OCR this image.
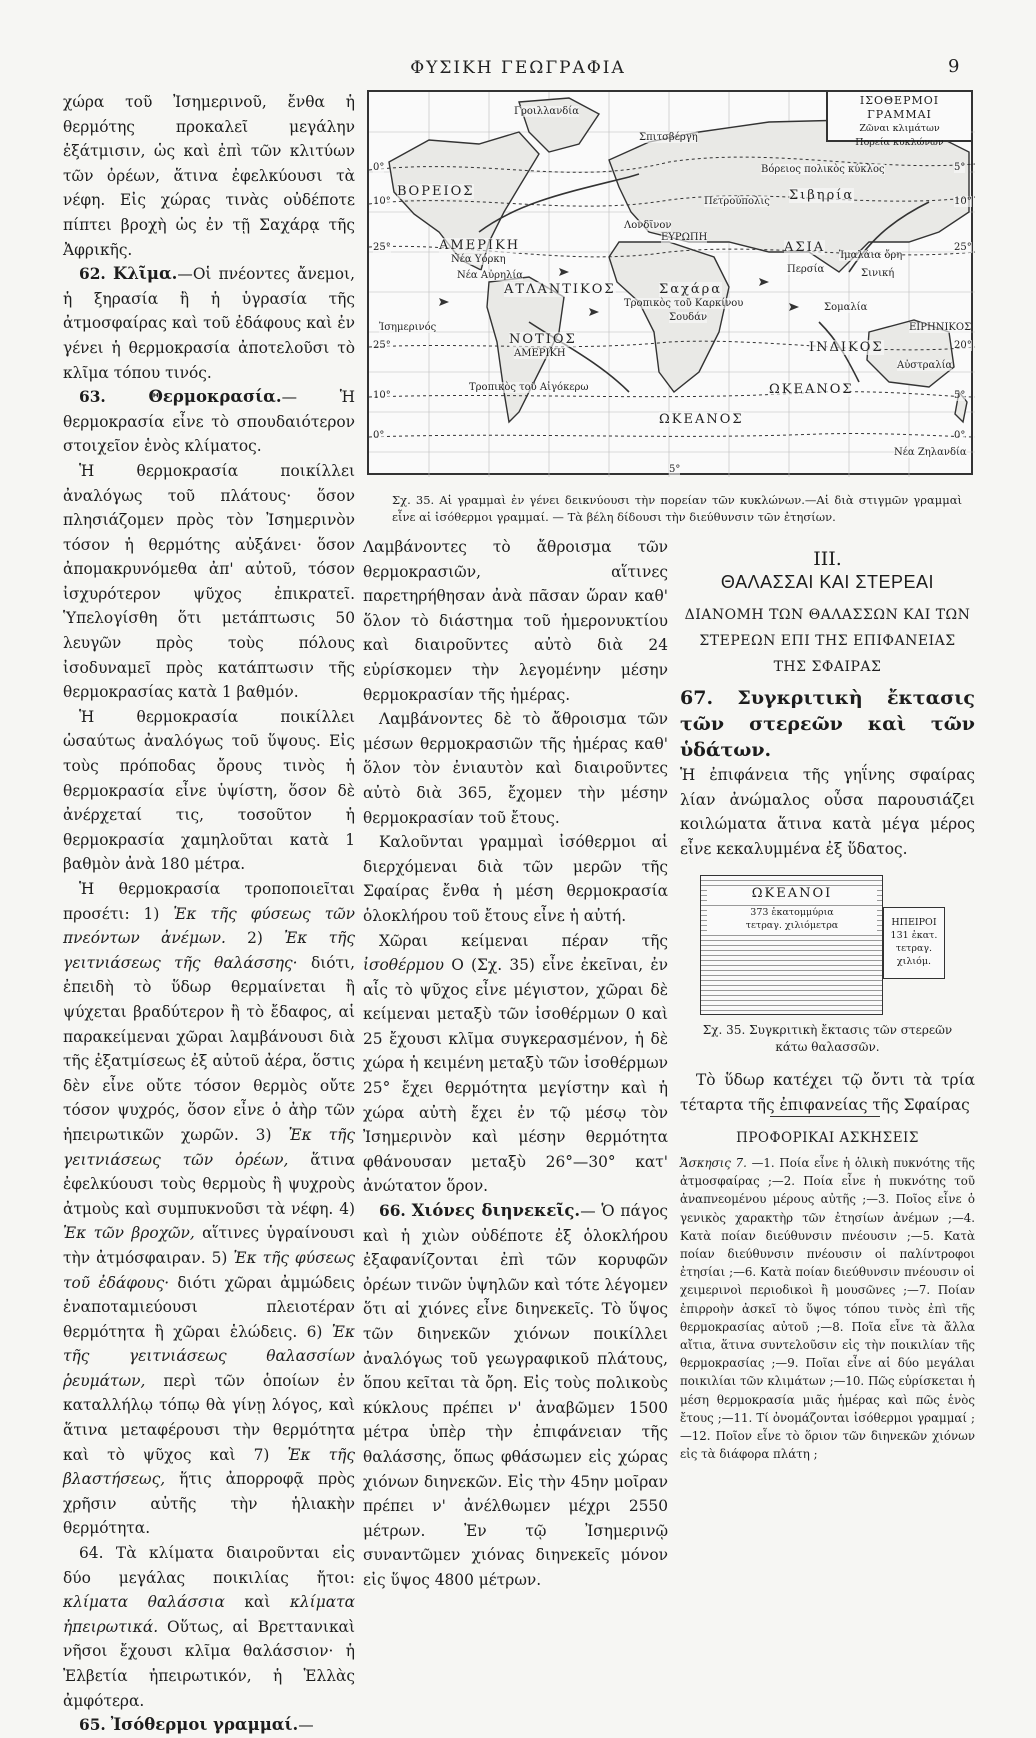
ΦΥΣΙΚΗ ΓΕΩΓΡΑΦΙΑ	9

χώρα τοῦ Ἰσημερινοῦ, ἔνθα ἡ θερμότης προκαλεῖ μεγάλην ἐξάτμισιν, ὡς καὶ ἐπὶ τῶν κλιτύων τῶν ὀρέων, ἅτινα ἐφελκύουσι τὰ νέφη. Εἰς χώρας τινὰς οὐδέποτε πίπτει βροχὴ ὡς ἐν τῇ Σαχάρᾳ τῆς Ἀφρικῆς.

62. Κλῖμα.—Οἱ πνέοντες ἄνεμοι, ἡ ξηρασία ἢ ἡ ὑγρασία τῆς ἀτμοσφαίρας καὶ τοῦ ἐδάφους καὶ ἐν γένει ἡ θερμοκρασία ἀποτελοῦσι τὸ κλῖμα τόπου τινός.

63.	Θερμοκρασία.— Ἡ θερμοκρασία εἶνε τὸ σπουδαιότερον στοιχεῖον ἑνὸς κλίματος.

Ἡ θερμοκρασία ποικίλλει ἀναλόγως τοῦ πλάτους· ὅσον πλησιάζομεν πρὸς τὸν Ἰσημερινὸν τόσον ἡ θερμότης αὐξάνει· ὅσον ἀπομακρυνόμεθα ἀπ' αὐτοῦ, τόσον ἰσχυρότερον ψῦχος ἐπικρατεῖ. Ὑπελογίσθη ὅτι μετάπτωσις 50 λευγῶν πρὸς τοὺς πόλους ἰσοδυναμεῖ πρὸς κατάπτωσιν τῆς θερμοκρασίας κατὰ 1 βαθμόν.

Ἡ θερμοκρασία ποικίλλει ὡσαύτως ἀναλόγως τοῦ ὕψους. Εἰς τοὺς πρόποδας ὄρους τινὸς ἡ θερμοκρασία εἶνε ὑψίστη, ὅσον δὲ ἀνέρχεταί τις, τοσοῦτον ἡ θερμοκρασία χαμηλοῦται κατὰ 1 βαθμὸν ἀνὰ 180 μέτρα.

Ἡ θερμοκρασία τροποποιεῖται προσέτι: 1) Ἐκ τῆς φύσεως τῶν πνεόντων ἀνέμων. 2) Ἐκ τῆς γειτνιάσεως τῆς θαλάσσης· διότι, ἐπειδὴ τὸ ὕδωρ θερμαίνεται ἢ ψύχεται βραδύτερον ἢ τὸ ἔδαφος, αἱ παρακείμεναι χῶραι λαμβάνουσι διὰ τῆς ἐξατμίσεως ἐξ αὐτοῦ ἀέρα, ὅστις δὲν εἶνε οὔτε τόσον θερμὸς οὔτε τόσον ψυχρός, ὅσον εἶνε ὁ ἀὴρ τῶν ἠπειρωτικῶν χωρῶν. 3) Ἐκ τῆς γειτνιάσεως τῶν ὀρέων, ἅτινα ἐφελκύουσι τοὺς θερμοὺς ἢ ψυχροὺς ἀτμοὺς καὶ συμπυκνοῦσι τὰ νέφη. 4) Ἐκ τῶν βροχῶν, αἵτινες ὑγραίνουσι τὴν ἀτμόσφαιραν. 5) Ἐκ τῆς φύσεως τοῦ ἐδάφους· διότι χῶραι ἀμμώδεις ἐναποταμιεύουσι πλειοτέραν θερμότητα ἢ χῶραι ἑλώδεις. 6) Ἐκ τῆς γειτνιάσεως θαλασσίων ῥευμάτων, περὶ τῶν ὁποίων ἐν καταλλήλῳ τόπῳ θὰ γίνῃ λόγος, καὶ ἅτινα μεταφέρουσι τὴν θερμότητα καὶ τὸ ψῦχος καὶ 7) Ἐκ τῆς βλαστήσεως, ἥτις ἀπορροφᾷ πρὸς χρῆσιν αὐτῆς τὴν ἡλιακὴν θερμότητα.

64. Τὰ κλίματα διαιροῦνται εἰς δύο μεγάλας ποικιλίας ἤτοι: κλίματα θαλάσσια καὶ κλίματα ἠπειρωτικά. Οὕτως, αἱ Βρεττανικαὶ νῆσοι ἔχουσι κλῖμα θαλάσσιον· ἡ Ἐλβετία ἠπειρωτικόν, ἡ Ἑλλὰς ἀμφότερα.

65. Ἰσόθερμοι γραμμαί.—

ΙΣΟΘΕΡΜΟΙ ΓΡΑΜΜΑΙ
Ζῶναι κλιμάτων
Πορεία κυκλώνων
Γροιλλανδία
Σπιτσβέργη
ΒΟΡΕΙΟΣ
Βόρειος πολικὸς κύκλος
Σιβηρία
Πετρούπολις
Λονδῖνον
ΕΥΡΩΠΗ
ΑΜΕΡΙΚΗ
Νέα Υόρκη
Νέα Αὐρηλία
ΑΤΛΑΝΤΙΚΟΣ
ΑΣΙΑ
Ἱμαλάια ὄρη
Περσία	Σινική
Σαχάρα
Τροπικὸς τοῦ Καρκίνου
Σουδάν
Ἰσημερινός	ΕΙΡΗΝΙΚΟΣ
ΝΟΤΙΟΣ
ΑΜΕΡΙΚΗ
Τροπικὸς τοῦ Αἰγόκερω
ΙΝΔΙΚΟΣ
ΩΚΕΑΝΟΣ
Αὐστραλία
ΩΚΕΑΝΟΣ
Νέα Ζηλανδία
Σομαλία
0°
10°
25°	25°
25°	20°
10°
0°	0°
5°
10°
5°
5°
Σχ. 35. Αἱ γραμμαὶ ἐν γένει δεικνύουσι τὴν πορείαν τῶν κυκλώνων.—Αἱ διὰ στιγμῶν γραμμαὶ εἶνε αἱ ἰσόθερμοι γραμμαί. — Τὰ βέλη δίδουσι τὴν διεύθυνσιν τῶν ἐτησίων.

Λαμβάνοντες τὸ ἄθροισμα τῶν θερμοκρασιῶν, αἵτινες παρετηρήθησαν ἀνὰ πᾶσαν ὥραν καθ' ὅλον τὸ διάστημα τοῦ ἡμερονυκτίου καὶ διαιροῦντες αὐτὸ διὰ 24 εὑρίσκομεν τὴν λεγομένην μέσην θερμοκρασίαν τῆς ἡμέρας.

Λαμβάνοντες δὲ τὸ ἄθροισμα τῶν μέσων θερμοκρασιῶν τῆς ἡμέρας καθ' ὅλον τὸν ἐνιαυτὸν καὶ διαιροῦντες αὐτὸ διὰ 365, ἔχομεν τὴν μέσην θερμοκρασίαν τοῦ ἔτους.

Καλοῦνται γραμμαὶ ἰσόθερμοι αἱ διερχόμεναι διὰ τῶν μερῶν τῆς Σφαίρας ἔνθα ἡ μέση θερμοκρασία ὁλοκλήρου τοῦ ἔτους εἶνε ἡ αὐτή.

Χῶραι κείμεναι πέραν τῆς ἰσοθέρμου Ο (Σχ. 35) εἶνε ἐκεῖναι, ἐν αἷς τὸ ψῦχος εἶνε μέγιστον, χῶραι δὲ κείμεναι μεταξὺ τῶν ἰσοθέρμων 0 καὶ 25 ἔχουσι κλῖμα συγκερασμένον, ἡ δὲ χώρα ἡ κειμένη μεταξὺ τῶν ἰσοθέρμων 25° ἔχει θερμότητα μεγίστην καὶ ἡ χώρα αὐτὴ ἔχει ἐν τῷ μέσῳ τὸν Ἰσημερινὸν καὶ μέσην θερμότητα φθάνουσαν μεταξὺ 26°—30° κατ' ἀνώτατον ὅρον.

66. Χιόνες διηνεκεῖς.— Ὁ πάγος καὶ ἡ χιὼν οὐδέποτε ἐξ ὁλοκλήρου ἐξαφανίζονται ἐπὶ τῶν κορυφῶν ὀρέων τινῶν ὑψηλῶν καὶ τότε λέγομεν ὅτι αἱ χιόνες εἶνε διηνεκεῖς. Τὸ ὕψος τῶν διηνεκῶν χιόνων ποικίλλει ἀναλόγως τοῦ γεωγραφικοῦ πλάτους, ὅπου κεῖται τὰ ὄρη. Εἰς τοὺς πολικοὺς κύκλους πρέπει ν' ἀναβῶμεν 1500 μέτρα ὑπὲρ τὴν ἐπιφάνειαν τῆς θαλάσσης, ὅπως φθάσωμεν εἰς χώρας χιόνων διηνεκῶν. Εἰς τὴν 45ην μοῖραν πρέπει ν' ἀνέλθωμεν μέχρι 2550 μέτρων. Ἐν τῷ Ἰσημερινῷ συναντῶμεν χιόνας διηνεκεῖς μόνον εἰς ὕψος 4800 μέτρων.

III.
ΘΑΛΑΣΣΑΙ ΚΑΙ ΣΤΕΡΕΑΙ
ΔΙΑΝΟΜΗ ΤΩΝ ΘΑΛΑΣΣΩΝ ΚΑΙ ΤΩΝ
ΣΤΕΡΕΩΝ ΕΠΙ ΤΗΣ ΕΠΙΦΑΝΕΙΑΣ
ΤΗΣ ΣΦΑΙΡΑΣ
67. Συγκριτικὴ ἔκτασις τῶν στερεῶν καὶ τῶν ὑδάτων.
Ἡ ἐπιφάνεια τῆς γηΐνης σφαίρας λίαν ἀνώμαλος οὖσα παρουσιάζει κοιλώματα ἅτινα κατὰ μέγα μέρος εἶνε κεκαλυμμένα ἐξ ὕδατος.
ΩΚΕΑΝΟΙ
373 ἑκατομμύρια
τετραγ. χιλιόμετρα	ΗΠΕΙΡΟΙ
131 ἑκατ.
τετραγ. χιλιόμ.
Σχ. 35. Συγκριτικὴ ἔκτασις τῶν στερεῶν κάτω θαλασσῶν.
Τὸ ὕδωρ κατέχει τῷ ὄντι τὰ τρία τέταρτα τῆς ἐπιφανείας τῆς Σφαίρας
ΠΡΟΦΟΡΙΚΑΙ ΑΣΚΗΣΕΙΣ
Ἄσκησις 7. —1. Ποία εἶνε ἡ ὁλικὴ πυκνότης τῆς ἀτμοσφαίρας ;—2. Ποία εἶνε ἡ πυκνότης τοῦ ἀναπνεομένου μέρους αὐτῆς ;—3. Ποῖος εἶνε ὁ γενικὸς χαρακτὴρ τῶν ἐτησίων ἀνέμων ;—4. Κατὰ ποίαν διεύθυνσιν πνέουσιν ;—5. Κατὰ ποίαν διεύθυνσιν πνέουσιν οἱ παλίντροφοι ἐτησίαι ;—6. Κατὰ ποίαν διεύθυνσιν πνέουσιν οἱ χειμερινοὶ περιοδικοὶ ἢ μουσῶνες ;—7. Ποίαν ἐπιρροὴν ἀσκεῖ τὸ ὕψος τόπου τινὸς ἐπὶ τῆς θερμοκρασίας αὐτοῦ ;—8. Ποῖα εἶνε τὰ ἄλλα αἴτια, ἅτινα συντελοῦσιν εἰς τὴν ποικιλίαν τῆς θερμοκρασίας ;—9. Ποῖαι εἶνε αἱ δύο μεγάλαι ποικιλίαι τῶν κλιμάτων ;—10. Πῶς εὑρίσκεται ἡ μέση θερμοκρασία μιᾶς ἡμέρας καὶ πῶς ἑνὸς ἔτους ;—11. Τί ὀνομάζονται ἰσόθερμοι γραμμαί ;—12. Ποῖον εἶνε τὸ ὅριον τῶν διηνεκῶν χιόνων εἰς τὰ διάφορα πλάτη ;
